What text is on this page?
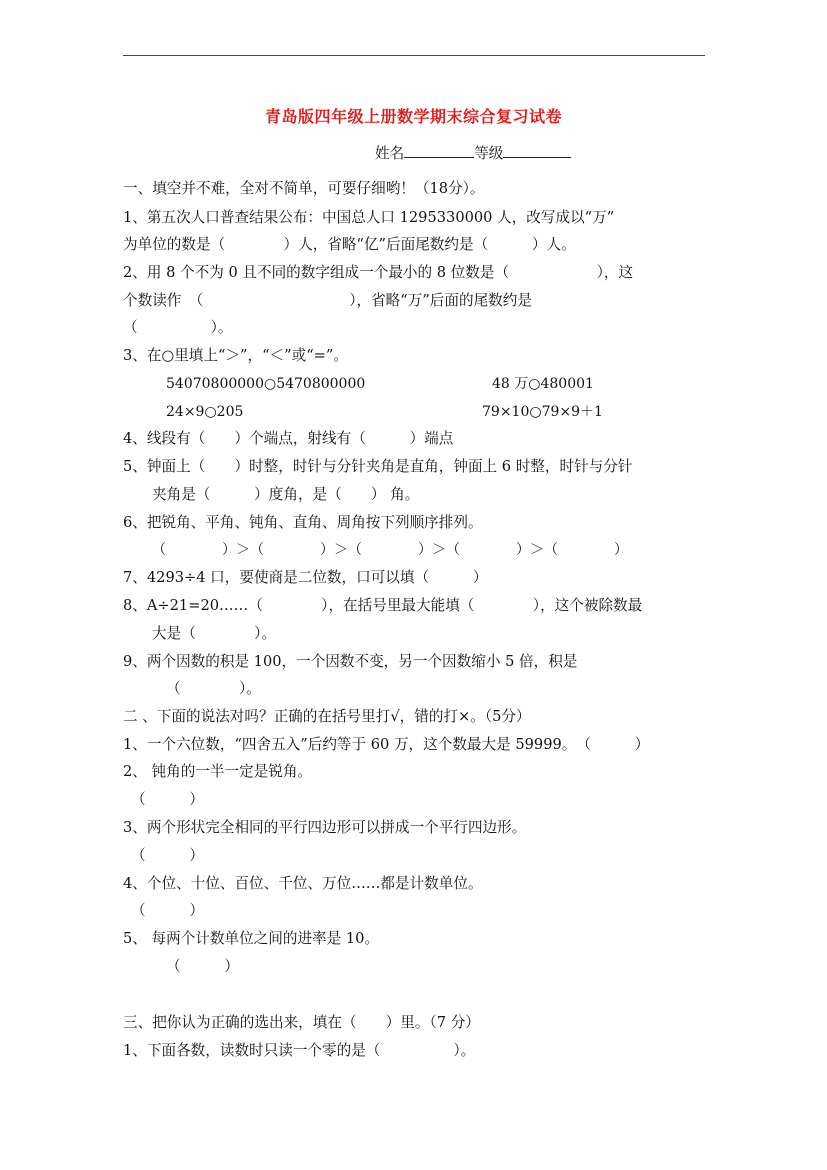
青岛版四年级上册数学期末综合复习试卷
姓名	等级
一、填空并不难，全对不简单，可要仔细哟！（18分）。
1、第五次人口普查结果公布：中国总人口 1295330000 人，改写成以“万”
为单位的数是（　　　　）人，省略“亿”后面尾数约是（　　　）人。
2、用 8 个不为 0 且不同的数字组成一个最小的 8 位数是（　　　　　　），这
个数读作　（　　　　　　　　　　），省略“万”后面的尾数约是
（　　　　　）。
3、在○里填上“＞”，“＜”或“=”。
54070800000○5470800000	48 万○480001
24×9○205	79×10○79×9＋1
4、线段有（　　）个端点，射线有（　　　）端点
5、钟面上（　　）时整，时针与分针夹角是直角，钟面上 6 时整，时针与分针
夹角是（　　　）度角，是（　　） 角。
6、把锐角、平角、钝角、直角、周角按下列顺序排列。
（　　　　）＞（　　　　）＞（　　　　）＞（　　　　）＞（　　　　）
7、4293÷4 口，要使商是二位数，口可以填（　　　）
8、A÷21=20……（　　　　），在括号里最大能填（　　　　），这个被除数最
大是（　　　　）。
9、两个因数的积是 100，一个因数不变，另一个因数缩小 5 倍，积是
（　　　　）。
二 、下面的说法对吗？正确的在括号里打√，错的打×。（5分）
1、一个六位数，“四舍五入”后约等于 60 万，这个数最大是 59999。　（　　　）
2、 钝角的一半一定是锐角。
（　　　）
3、两个形状完全相同的平行四边形可以拼成一个平行四边形。
（　　　）
4、个位、十位、百位、千位、万位……都是计数单位。
（　　　）
5、 每两个计数单位之间的进率是 10。
（　　　）
三、把你认为正确的选出来，填在（　　）里。（7 分）
1、下面各数，读数时只读一个零的是（　　　　　）。
